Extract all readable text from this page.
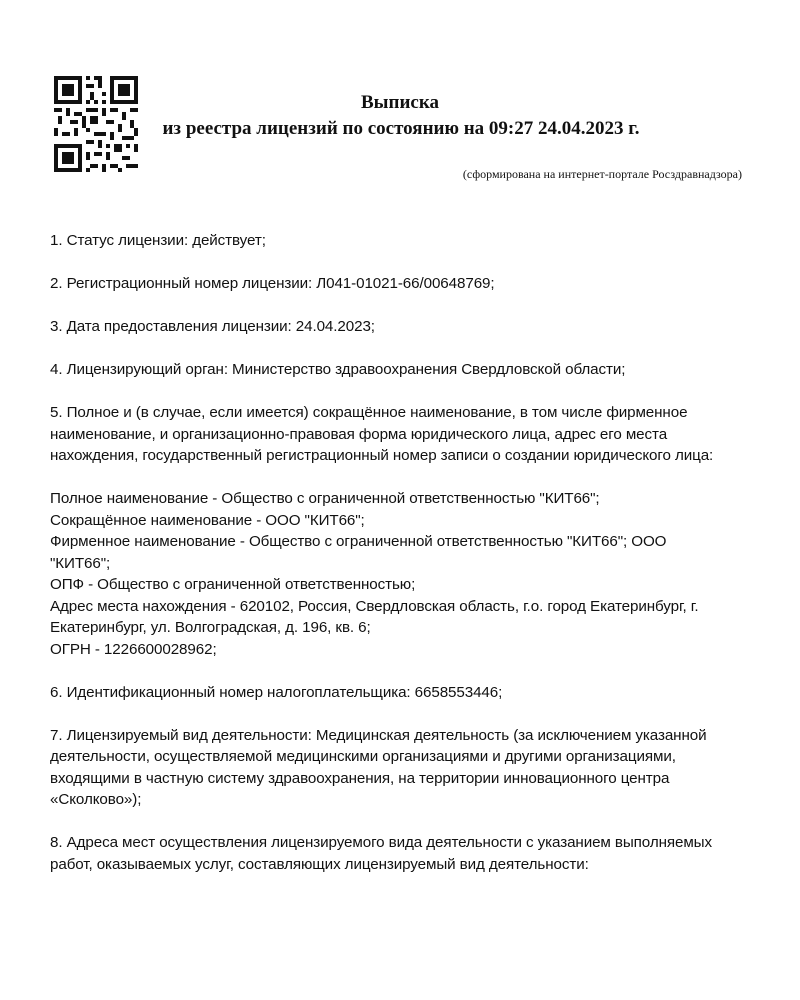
Выписка
из реестра лицензий по состоянию на 09:27 24.04.2023 г.
(сформирована на интернет-портале Росздравнадзора)

1. Статус лицензии: действует;

2. Регистрационный номер лицензии: Л041-01021-66/00648769;

3. Дата предоставления лицензии: 24.04.2023;

4. Лицензирующий орган: Министерство здравоохранения Свердловской области;

5. Полное и (в случае, если имеется) сокращённое наименование, в том числе фирменное наименование, и организационно-правовая форма юридического лица, адрес его места нахождения, государственный регистрационный номер записи о создании юридического лица:

Полное наименование - Общество с ограниченной ответственностью "КИТ66";

Сокращённое наименование - ООО "КИТ66";

Фирменное наименование - Общество с ограниченной ответственностью "КИТ66"; ООО "КИТ66";

ОПФ - Общество с ограниченной ответственностью;

Адрес места нахождения - 620102, Россия, Свердловская область, г.о. город Екатеринбург, г. Екатеринбург, ул. Волгоградская, д. 196, кв. 6;

ОГРН - 1226600028962;

6. Идентификационный номер налогоплательщика: 6658553446;

7. Лицензируемый вид деятельности: Медицинская деятельность (за исключением указанной деятельности, осуществляемой медицинскими организациями и другими организациями, входящими в частную систему здравоохранения, на территории инновационного центра «Сколково»);

8. Адреса мест осуществления лицензируемого вида деятельности с указанием выполняемых работ, оказываемых услуг, составляющих лицензируемый вид деятельности:
